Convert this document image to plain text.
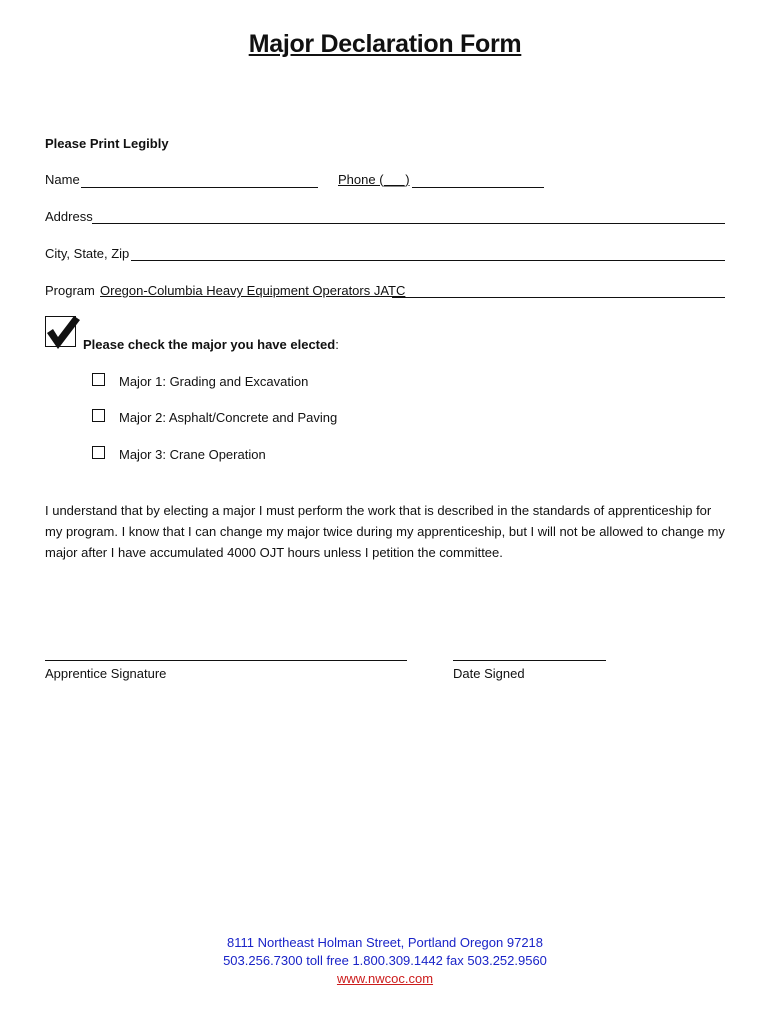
Major Declaration Form
Please Print Legibly
Name	Phone (___)
Address
City, State, Zip
Program Oregon-Columbia Heavy Equipment Operators JATC
Please check the major you have elected:
Major 1: Grading and Excavation
Major 2: Asphalt/Concrete and Paving
Major 3: Crane Operation
I understand that by electing a major I must perform the work that is described in the standards of apprenticeship for my program. I know that I can change my major twice during my apprenticeship, but I will not be allowed to change my major after I have accumulated 4000 OJT hours unless I petition the committee.
Apprentice Signature	Date Signed
8111 Northeast Holman Street, Portland Oregon 97218
503.256.7300 toll free 1.800.309.1442 fax 503.252.9560
www.nwcoc.com
